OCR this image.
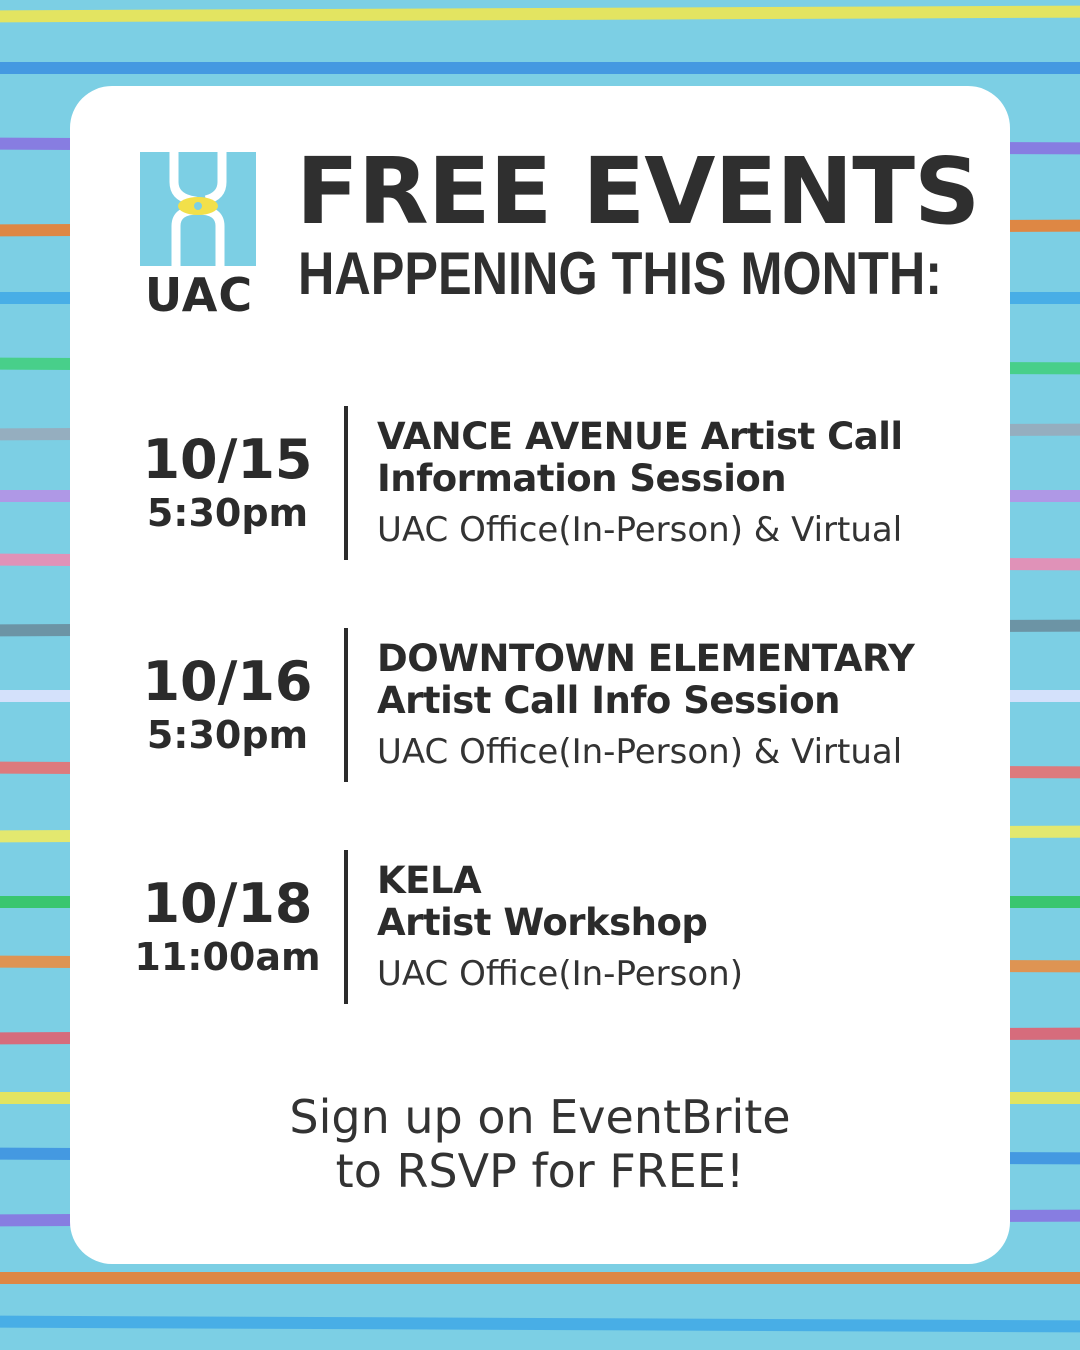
UAC
FREE EVENTS
HAPPENING THIS MONTH:
10/15
5:30pm
VANCE AVENUE Artist Call
Information Session
UAC Office(In-Person) & Virtual
10/16
5:30pm
DOWNTOWN ELEMENTARY
Artist Call Info Session
UAC Office(In-Person) & Virtual
10/18
11:00am
KELA
Artist Workshop
UAC Office(In-Person)
Sign up on EventBrite
to RSVP for FREE!
